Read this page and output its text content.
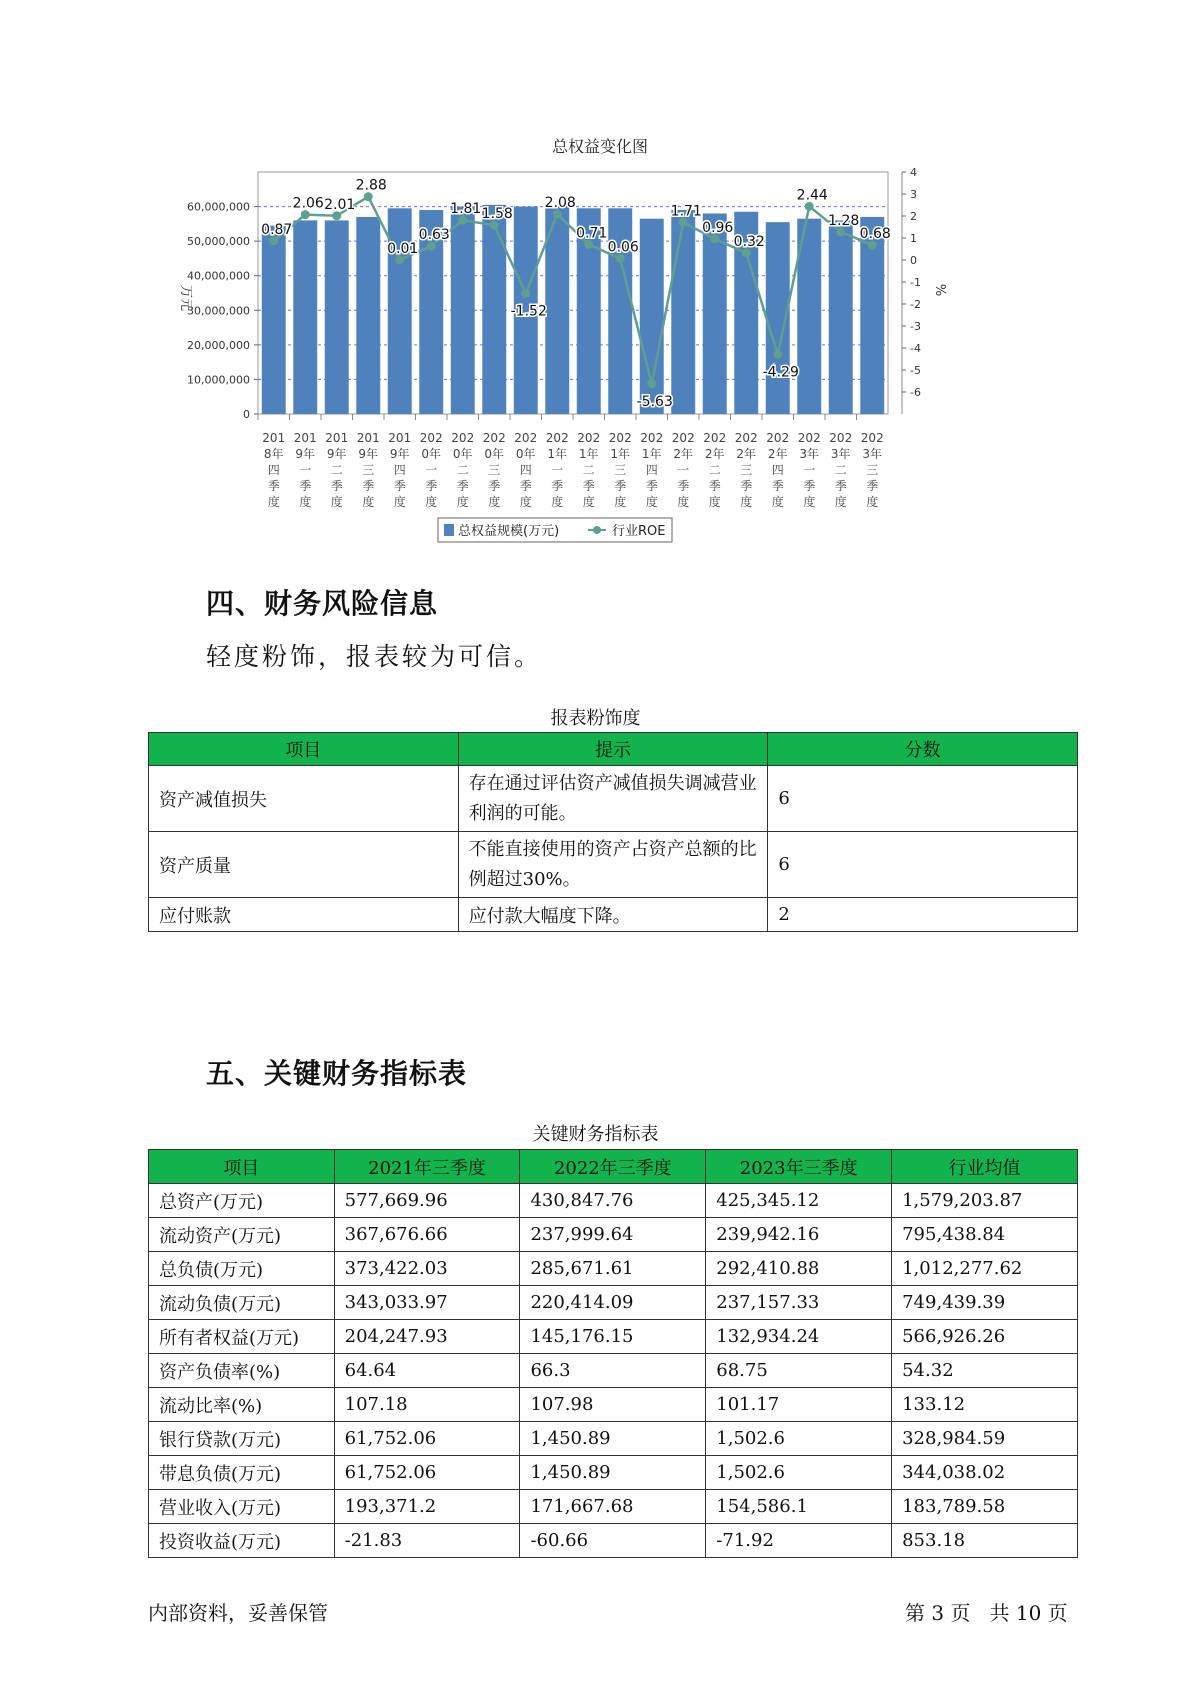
总权益变化图
0.87
2.06 2.01
2.88
0.01
0.63
1.81 1.58
-1.52
2.08
0.71
0.06
-5.63
1.71
0.96
0.32
-4.29
2.44
1.28
0.68
0
10,000,000
20,000,000
30,000,000
40,000,000
50,000,000
60,000,000
-6
-5
-4
-3
-2
-1
0
1
2
3
4
201
8年
四
季
度
201
9年
一
季
度
201
9年
二
季
度
201
9年
三
季
度
201
9年
四
季
度
202
0年
一
季
度
202
0年
二
季
度
202
0年
三
季
度
202
0年
四
季
度
202
1年
一
季
度
202
1年
二
季
度
202
1年
三
季
度
202
1年
四
季
度
202
2年
一
季
度
202
2年
二
季
度
202
2年
三
季
度
202
2年
四
季
度
202
3年
一
季
度
202
3年
二
季
度
202
3年
三
季
度
万元	%
总权益规模(万元)	行业ROE
四、财务风险信息
轻度粉饰，报表较为可信。
报表粉饰度
项目	提示	分数
资产减值损失	存在通过评估资产减值损失调减营业利润的可能。	6
资产质量	不能直接使用的资产占资产总额的比例超过30%。	6
应付账款	应付款大幅度下降。	2
五、关键财务指标表
关键财务指标表
项目	2021年三季度	2022年三季度	2023年三季度	行业均值
总资产(万元)	577,669.96	430,847.76	425,345.12	1,579,203.87
流动资产(万元)	367,676.66	237,999.64	239,942.16	795,438.84
总负债(万元)	373,422.03	285,671.61	292,410.88	1,012,277.62
流动负债(万元)	343,033.97	220,414.09	237,157.33	749,439.39
所有者权益(万元)	204,247.93	145,176.15	132,934.24	566,926.26
资产负债率(%)	64.64	66.3	68.75	54.32
流动比率(%)	107.18	107.98	101.17	133.12
银行贷款(万元)	61,752.06	1,450.89	1,502.6	328,984.59
带息负债(万元)	61,752.06	1,450.89	1,502.6	344,038.02
营业收入(万元)	193,371.2	171,667.68	154,586.1	183,789.58
投资收益(万元)	-21.83	-60.66	-71.92	853.18
内部资料，妥善保管	第 3 页   共 10 页
